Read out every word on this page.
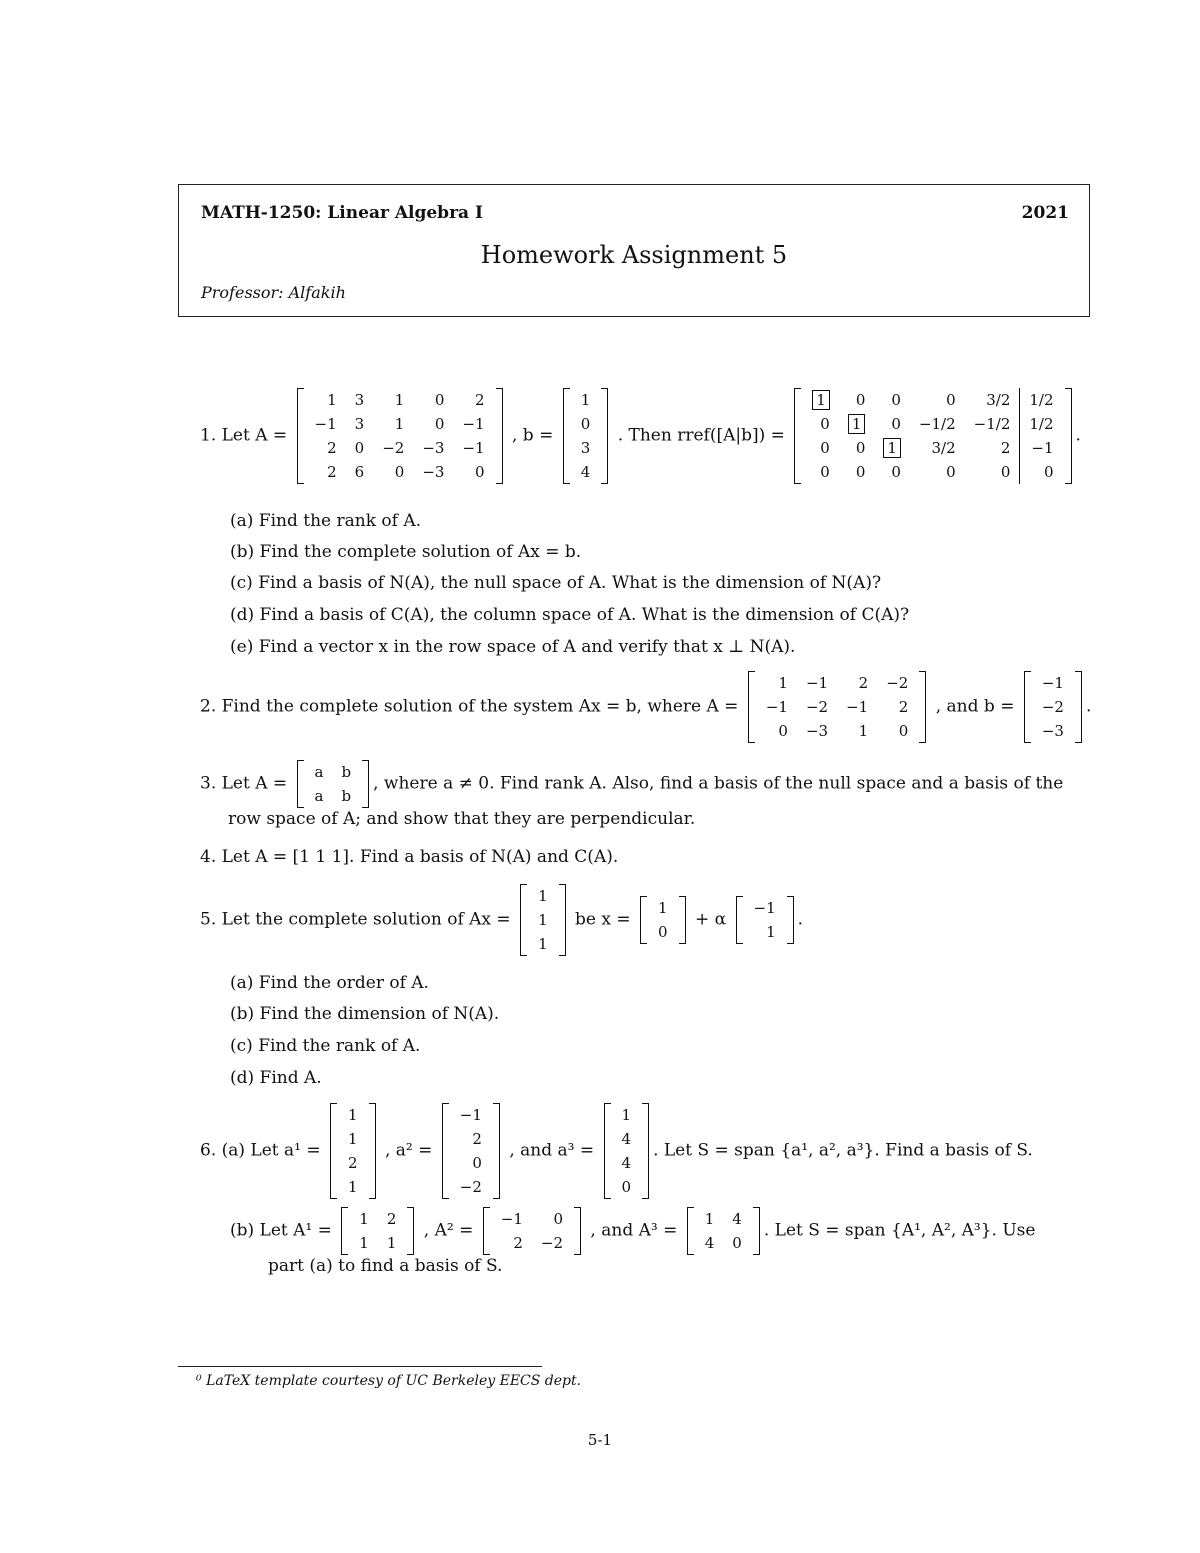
MATH-1250: Linear Algebra I	2021
Homework Assignment 5
Professor: Alfakih
1. Let A =
1	3	1	0	2
−1	3	1	0	−1
2	0	−2	−3	−1
2	6	0	−3	0
, b =
1
0
3
4
. Then rref([A|b]) =
1	0	0	0	3/2	1/2
0	1	0	−1/2	−1/2	1/2
0	0	1	3/2	2	−1
0	0	0	0	0	0
.
(a) Find the rank of A.
(b) Find the complete solution of Ax = b.
(c) Find a basis of N(A), the null space of A. What is the dimension of N(A)?
(d) Find a basis of C(A), the column space of A. What is the dimension of C(A)?
(e) Find a vector x in the row space of A and verify that x ⊥ N(A).
2. Find the complete solution of the system Ax = b, where A =
1	−1	2	−2
−1	−2	−1	2
0	−3	1	0
, and b =
−1
−2
−3
.
3. Let A =
a	b
a	b
, where a ≠ 0. Find rank A. Also, find a basis of the null space and a basis of the
row space of A; and show that they are perpendicular.
4. Let A = [1 1 1]. Find a basis of N(A) and C(A).
5. Let the complete solution of Ax =
1
1
1
be x =
1
0
+ α
−1
1
.
(a) Find the order of A.
(b) Find the dimension of N(A).
(c) Find the rank of A.
(d) Find A.
6. (a) Let a¹ =
1
1
2
1
, a² =
−1
2
0
−2
, and a³ =
1
4
4
0
. Let S = span {a¹, a², a³}. Find a basis of S.
(b) Let A¹ =
1	2
1	1
, A² =
−1	0
2	−2
, and A³ =
1	4
4	0
. Let S = span {A¹, A², A³}. Use
part (a) to find a basis of S.
⁰ LaTeX template courtesy of UC Berkeley EECS dept.
5-1
